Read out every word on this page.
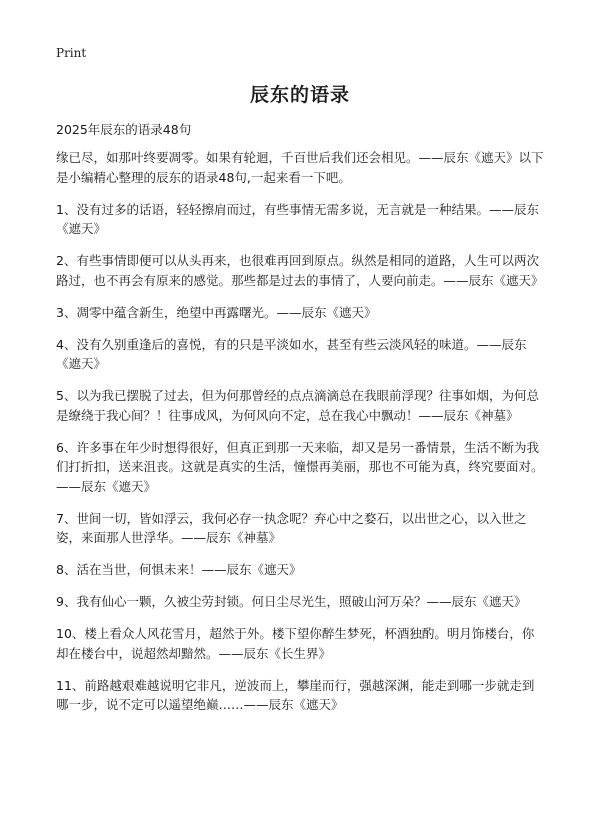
Print
辰东的语录

2025年辰东的语录48句

缘已尽，如那叶终要凋零。如果有轮迴，千百世后我们还会相见。——辰东《遮天》以下是小编精心整理的辰东的语录48句,一起来看一下吧。

1、没有过多的话语，轻轻擦肩而过，有些事情无需多说，无言就是一种结果。——辰东《遮天》

2、有些事情即便可以从头再来，也很难再回到原点。纵然是相同的道路，人生可以两次路过，也不再会有原来的感觉。那些都是过去的事情了，人要向前走。——辰东《遮天》

3、凋零中蕴含新生，绝望中再露曙光。——辰东《遮天》

4、没有久别重逢后的喜悦，有的只是平淡如水，甚至有些云淡风轻的味道。——辰东《遮天》

5、以为我已摆脱了过去，但为何那曾经的点点滴滴总在我眼前浮现？往事如烟，为何总是缭绕于我心间？！往事成风，为何风向不定，总在我心中飘动！——辰东《神墓》

6、许多事在年少时想得很好，但真正到那一天来临，却又是另一番情景，生活不断为我们打折扣，送来沮丧。这就是真实的生活，憧憬再美丽，那也不可能为真，终究要面对。——辰东《遮天》

7、世间一切，皆如浮云，我何必存一执念呢？弃心中之婺石，以出世之心，以入世之姿，来面那人世浮华。——辰东《神墓》

8、活在当世，何惧未来！——辰东《遮天》

9、我有仙心一颗，久被尘劳封锁。何日尘尽光生，照破山河万朵？——辰东《遮天》

10、楼上看众人风花雪月，超然于外。楼下望你醉生梦死，杯酒独酌。明月饰楼台，你却在楼台中，说超然却黯然。——辰东《长生界》

11、前路越艰难越说明它非凡，逆波而上，攀崖而行，强越深渊，能走到哪一步就走到哪一步，说不定可以遥望绝巅……——辰东《遮天》
